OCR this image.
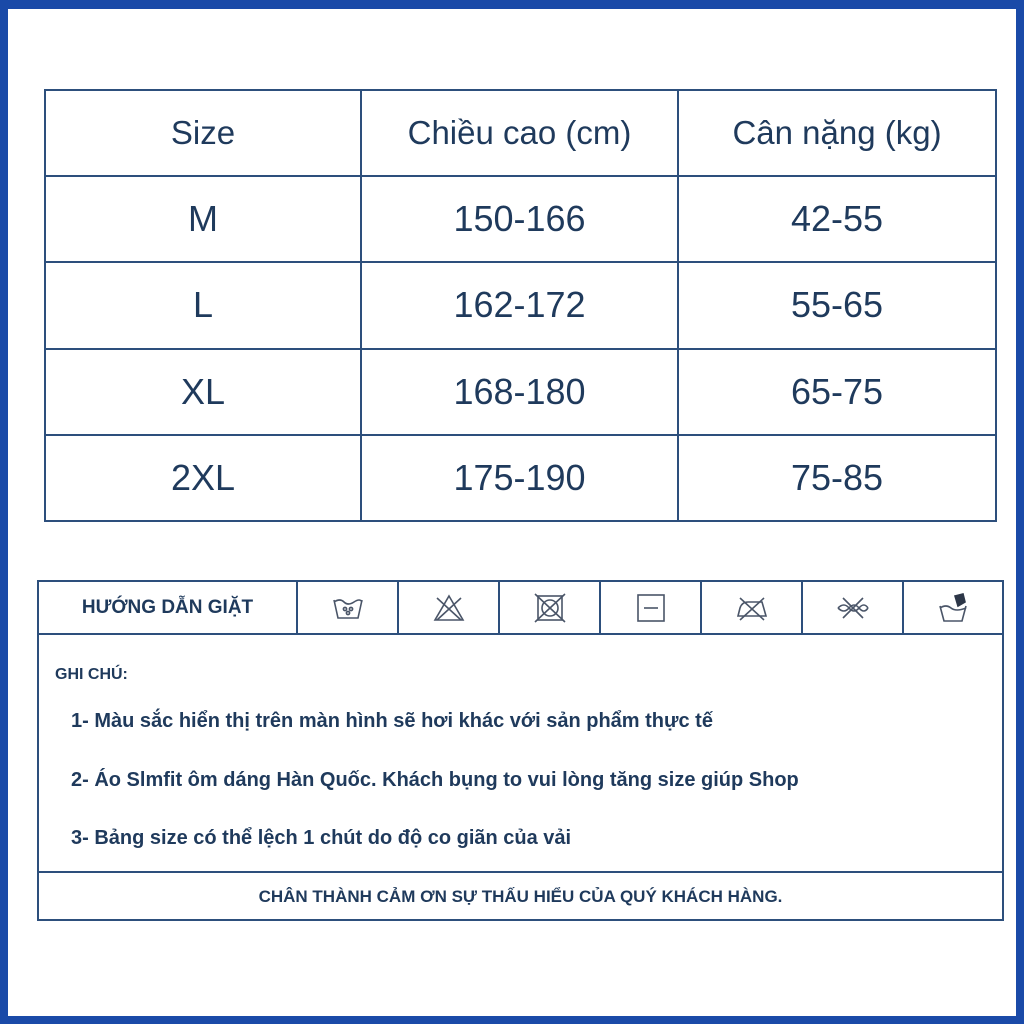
Size	Chiều cao (cm)	Cân nặng (kg)
M	150-166	42-55
L	162-172	55-65
XL	168-180	65-75
2XL	175-190	75-85
HƯỚNG DẪN GIẶT
GHI CHÚ:
1- Màu sắc hiển thị trên màn hình sẽ hơi khác với sản phẩm thực tế
2- Áo Slmfit ôm dáng Hàn Quốc. Khách bụng to vui lòng tăng size giúp Shop
3- Bảng size có thể lệch 1 chút do độ co giãn của vải
CHÂN THÀNH CẢM ƠN SỰ THẤU HIỂU CỦA QUÝ KHÁCH HÀNG.
